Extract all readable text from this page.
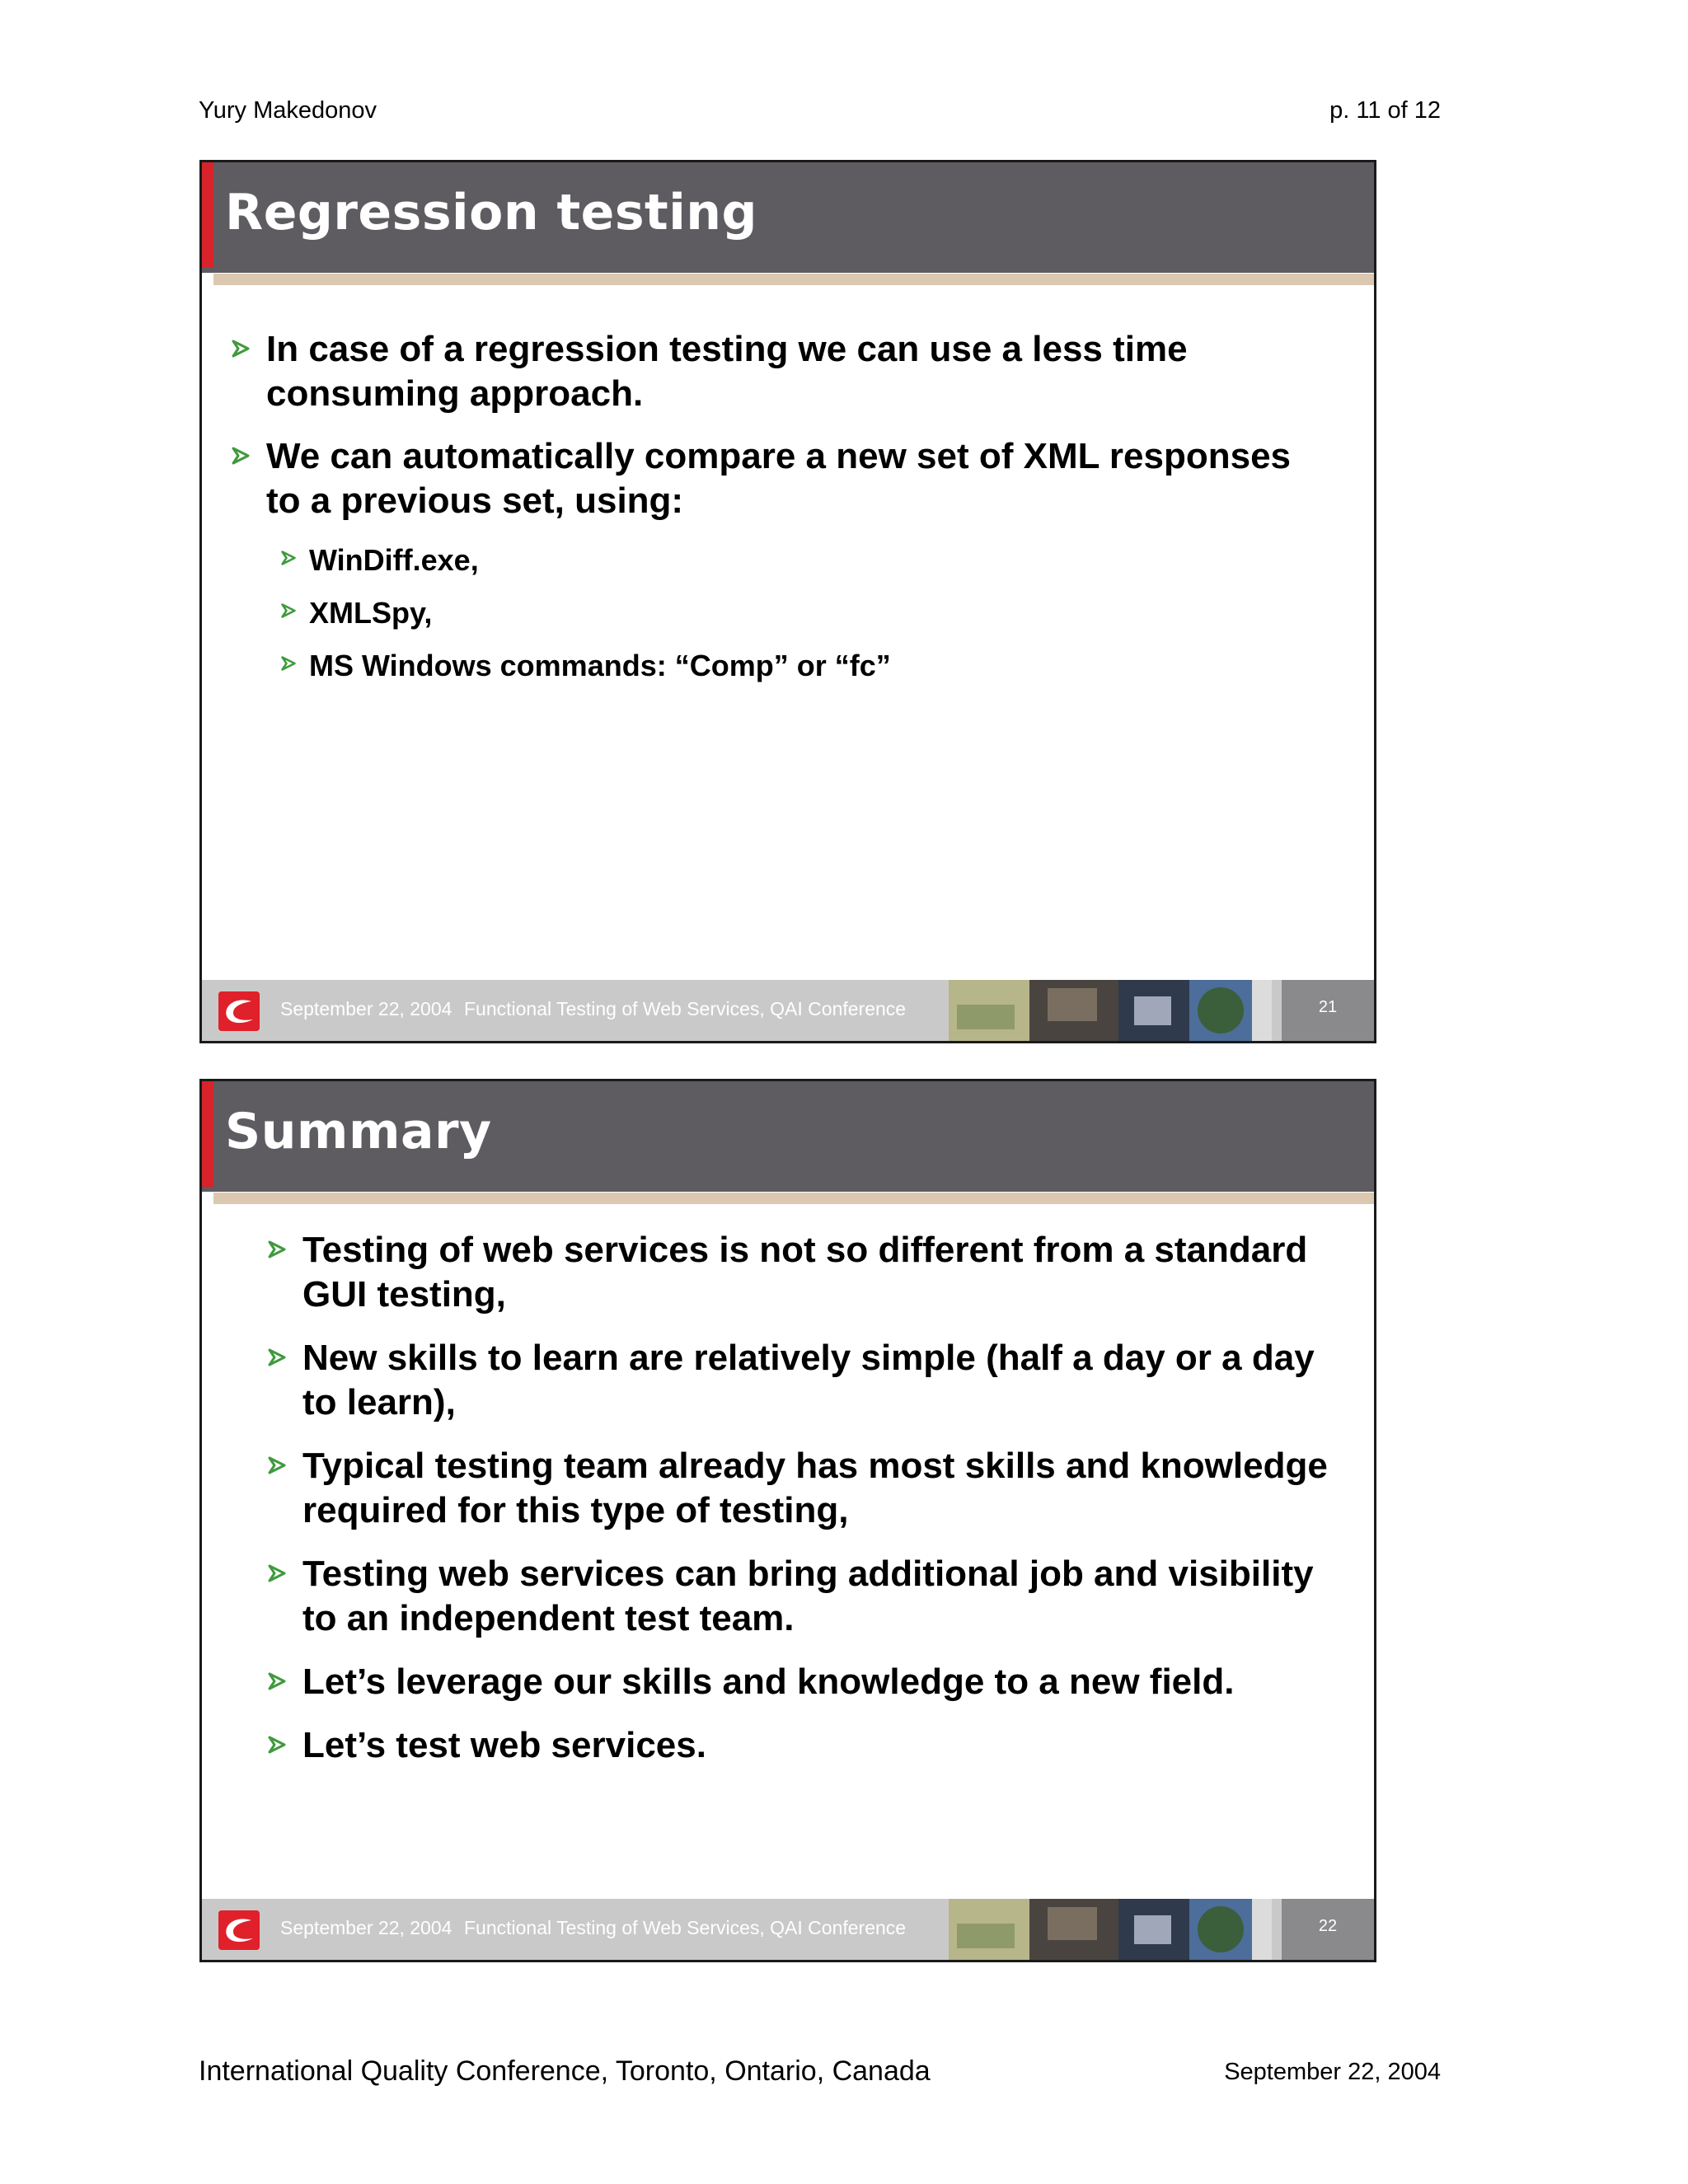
Yury Makedonov	p. 11 of 12
Regression testing
In case of a regression testing we can use a less time consuming approach.
We can automatically compare a new set of XML responses to a previous set, using:
WinDiff.exe,
XMLSpy,
MS Windows commands: “Comp” or “fc”
September 22, 2004 Functional Testing of Web Services, QAI Conference	21
Summary
Testing of web services is not so different from a standard GUI testing,
New skills to learn are relatively simple (half a day or a day to learn),
Typical testing team already has most skills and knowledge required for this type of testing,
Testing web services can bring additional job and visibility to an independent test team.
Let’s leverage our skills and knowledge to a new field.
Let’s test web services.
September 22, 2004 Functional Testing of Web Services, QAI Conference	22
International Quality Conference, Toronto, Ontario, Canada	September 22, 2004
